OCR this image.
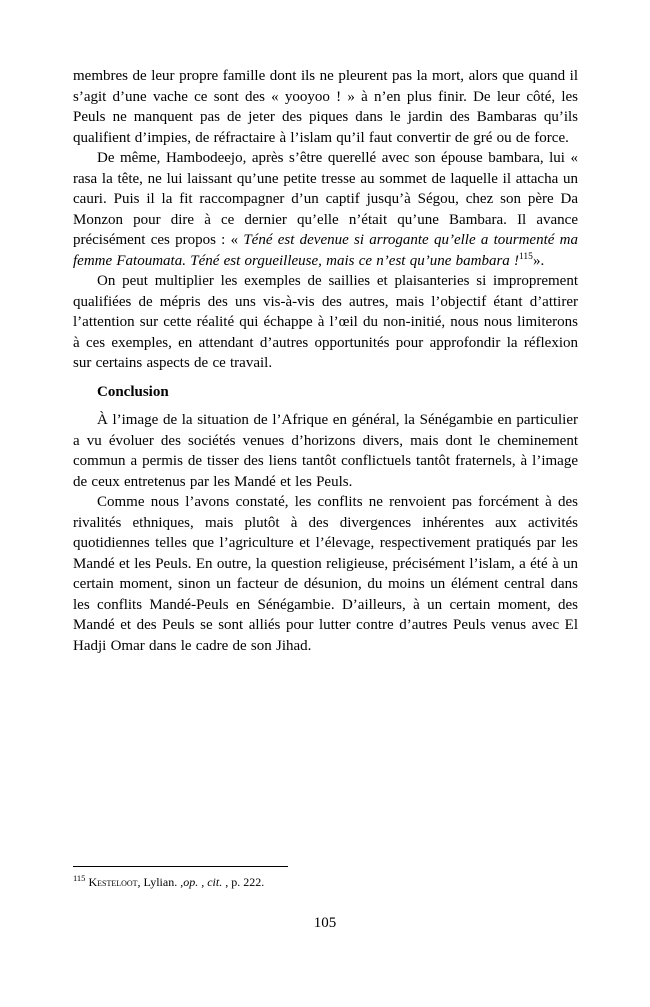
membres de leur propre famille dont ils ne pleurent pas la mort, alors que quand il s’agit d’une vache ce sont des « yooyoo ! » à n’en plus finir. De leur côté, les Peuls ne manquent pas de jeter des piques dans le jardin des Bambaras qu’ils qualifient d’impies, de réfractaire à l’islam qu’il faut convertir de gré ou de force.

De même, Hambodeejo, après s’être querellé avec son épouse bambara, lui « rasa la tête, ne lui laissant qu’une petite tresse au sommet de laquelle il attacha un cauri. Puis il la fit raccompagner d’un captif jusqu’à Ségou, chez son père Da Monzon pour dire à ce dernier qu’elle n’était qu’une Bambara. Il avance précisément ces propos : « Téné est devenue si arrogante qu’elle a tourmenté ma femme Fatoumata. Téné est orgueilleuse, mais ce n’est qu’une bambara !$^{115}$».

On peut multiplier les exemples de saillies et plaisanteries si improprement qualifiées de mépris des uns vis-à-vis des autres, mais l’objectif étant d’attirer l’attention sur cette réalité qui échappe à l’œil du non-initié, nous nous limiterons à ces exemples, en attendant d’autres opportunités pour approfondir la réflexion sur certains aspects de ce travail.

Conclusion

À l’image de la situation de l’Afrique en général, la Sénégambie en particulier a vu évoluer des sociétés venues d’horizons divers, mais dont le cheminement commun a permis de tisser des liens tantôt conflictuels tantôt fraternels, à l’image de ceux entretenus par les Mandé et les Peuls.

Comme nous l’avons constaté, les conflits ne renvoient pas forcément à des rivalités ethniques, mais plutôt à des divergences inhérentes aux activités quotidiennes telles que l’agriculture et l’élevage, respectivement pratiqués par les Mandé et les Peuls. En outre, la question religieuse, précisément l’islam, a été à un certain moment, sinon un facteur de désunion, du moins un élément central dans les conflits Mandé-Peuls en Sénégambie. D’ailleurs, à un certain moment, des Mandé et des Peuls se sont alliés pour lutter contre d’autres Peuls venus avec El Hadji Omar dans le cadre de son Jihad.

$^{115}$ Kesteloot, Lylian. ,op. , cit. , p. 222.

105
